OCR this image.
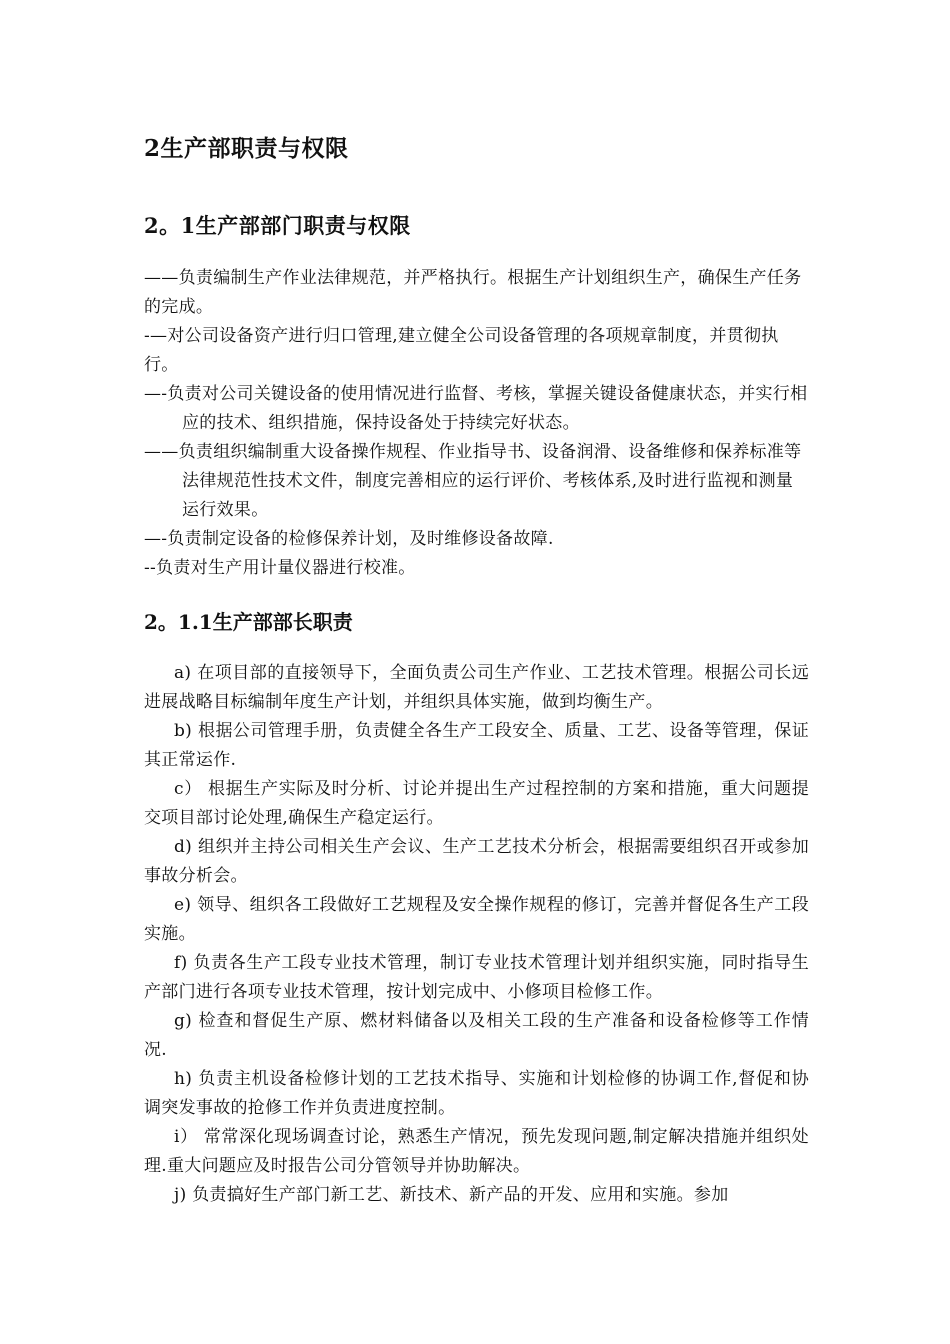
2生产部职责与权限
2。1生产部部门职责与权限

——负责编制生产作业法律规范，并严格执行。根据生产计划组织生产，确保生产任务的完成。

-—对公司设备资产进行归口管理,建立健全公司设备管理的各项规章制度，并贯彻执行。

—-负责对公司关键设备的使用情况进行监督、考核，掌握关键设备健康状态，并实行相应的技术、组织措施，保持设备处于持续完好状态。

——负责组织编制重大设备操作规程、作业指导书、设备润滑、设备维修和保养标准等法律规范性技术文件，制度完善相应的运行评价、考核体系,及时进行监视和测量运行效果。

—-负责制定设备的检修保养计划，及时维修设备故障.

--负责对生产用计量仪器进行校准。

2。1.1生产部部长职责

a) 在项目部的直接领导下，全面负责公司生产作业、工艺技术管理。根据公司长远进展战略目标编制年度生产计划，并组织具体实施，做到均衡生产。

b) 根据公司管理手册，负责健全各生产工段安全、质量、工艺、设备等管理，保证其正常运作.

c） 根据生产实际及时分析、讨论并提出生产过程控制的方案和措施，重大问题提交项目部讨论处理,确保生产稳定运行。

d) 组织并主持公司相关生产会议、生产工艺技术分析会，根据需要组织召开或参加事故分析会。

e) 领导、组织各工段做好工艺规程及安全操作规程的修订，完善并督促各生产工段实施。

f) 负责各生产工段专业技术管理，制订专业技术管理计划并组织实施，同时指导生产部门进行各项专业技术管理，按计划完成中、小修项目检修工作。

g) 检查和督促生产原、燃材料储备以及相关工段的生产准备和设备检修等工作情况.

h) 负责主机设备检修计划的工艺技术指导、实施和计划检修的协调工作,督促和协调突发事故的抢修工作并负责进度控制。

i） 常常深化现场调查讨论，熟悉生产情况，预先发现问题,制定解决措施并组织处理.重大问题应及时报告公司分管领导并协助解决。

j) 负责搞好生产部门新工艺、新技术、新产品的开发、应用和实施。参加
